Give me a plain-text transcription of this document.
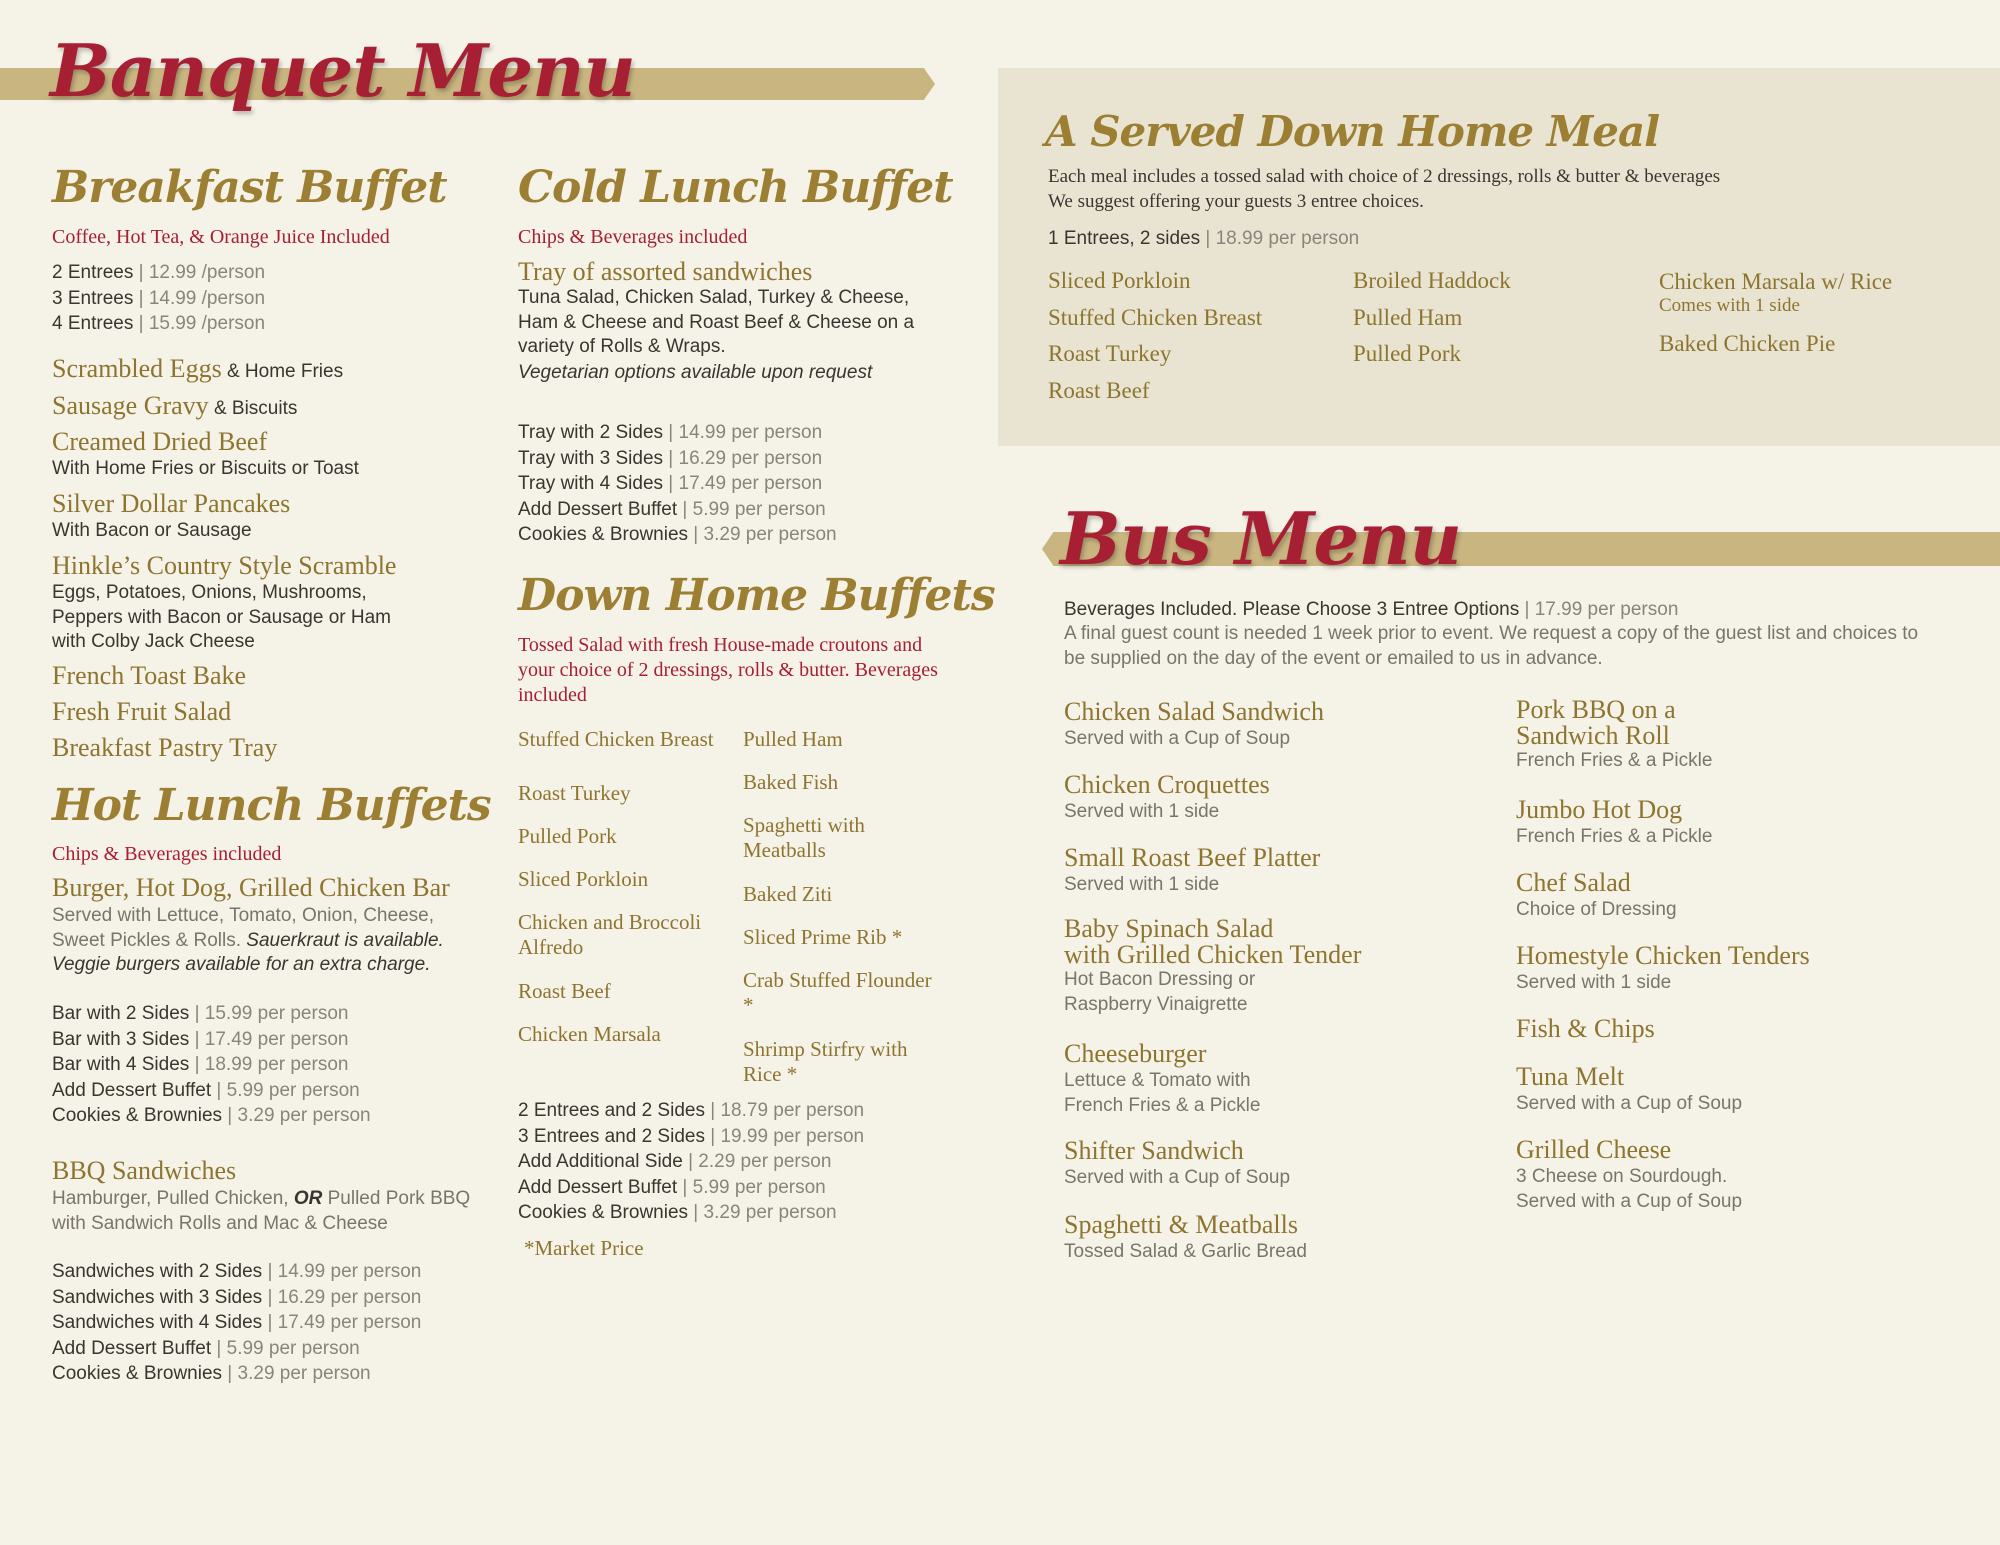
Banquet Menu
Breakfast Buffet
Coffee, Hot Tea, & Orange Juice Included
2 Entrees | 12.99 /person
3 Entrees | 14.99 /person
4 Entrees | 15.99 /person
Scrambled Eggs & Home Fries
Sausage Gravy & Biscuits
Creamed Dried Beef
With Home Fries or Biscuits or Toast
Silver Dollar Pancakes
With Bacon or Sausage
Hinkle’s Country Style Scramble
Eggs, Potatoes, Onions, Mushrooms, Peppers with Bacon or Sausage or Ham with Colby Jack Cheese
French Toast Bake
Fresh Fruit Salad
Breakfast Pastry Tray
Hot Lunch Buffets
Chips & Beverages included
Burger, Hot Dog, Grilled Chicken Bar
Served with Lettuce, Tomato, Onion, Cheese, Sweet Pickles & Rolls. Sauerkraut is available. Veggie burgers available for an extra charge.
Bar with 2 Sides | 15.99 per person
Bar with 3 Sides | 17.49 per person
Bar with 4 Sides | 18.99 per person
Add Dessert Buffet | 5.99 per person
Cookies & Brownies | 3.29 per person
BBQ Sandwiches
Hamburger, Pulled Chicken, OR Pulled Pork BBQ with Sandwich Rolls and Mac & Cheese
Sandwiches with 2 Sides | 14.99 per person
Sandwiches with 3 Sides | 16.29 per person
Sandwiches with 4 Sides | 17.49 per person
Add Dessert Buffet | 5.99 per person
Cookies & Brownies | 3.29 per person
Cold Lunch Buffet
Chips & Beverages included
Tray of assorted sandwiches
Tuna Salad, Chicken Salad, Turkey & Cheese, Ham & Cheese and Roast Beef & Cheese on a variety of Rolls & Wraps.
Vegetarian options available upon request
Tray with 2 Sides | 14.99 per person
Tray with 3 Sides | 16.29 per person
Tray with 4 Sides | 17.49 per person
Add Dessert Buffet | 5.99 per person
Cookies & Brownies | 3.29 per person
Down Home Buffets
Tossed Salad with fresh House-made croutons and your choice of 2 dressings, rolls & butter. Beverages included
Stuffed Chicken Breast
Roast Turkey
Pulled Pork
Sliced Porkloin
Chicken and Broccoli Alfredo
Roast Beef
Chicken Marsala
Pulled Ham
Baked Fish
Spaghetti with Meatballs
Baked Ziti
Sliced Prime Rib *
Crab Stuffed Flounder *
Shrimp Stirfry with Rice *
2 Entrees and 2 Sides | 18.79 per person
3 Entrees and 2 Sides | 19.99 per person
Add Additional Side | 2.29 per person
Add Dessert Buffet | 5.99 per person
Cookies & Brownies | 3.29 per person
*Market Price
A Served Down Home Meal
Each meal includes a tossed salad with choice of 2 dressings, rolls & butter & beverages
We suggest offering your guests 3 entree choices.
1 Entrees, 2 sides | 18.99 per person
Sliced Porkloin
Stuffed Chicken Breast
Roast Turkey
Roast Beef
Broiled Haddock
Pulled Ham
Pulled Pork
Chicken Marsala w/ Rice
Comes with 1 side
Baked Chicken Pie
Bus Menu
Beverages Included. Please Choose 3 Entree Options | 17.99 per person
A final guest count is needed 1 week prior to event. We request a copy of the guest list and choices to be supplied on the day of the event or emailed to us in advance.
Chicken Salad Sandwich
Served with a Cup of Soup
Chicken Croquettes
Served with 1 side
Small Roast Beef Platter
Served with 1 side
Baby Spinach Salad
with Grilled Chicken Tender
Hot Bacon Dressing or
Raspberry Vinaigrette
Cheeseburger
Lettuce & Tomato with
French Fries & a Pickle
Shifter Sandwich
Served with a Cup of Soup
Spaghetti & Meatballs
Tossed Salad & Garlic Bread
Pork BBQ on a
Sandwich Roll
French Fries & a Pickle
Jumbo Hot Dog
French Fries & a Pickle
Chef Salad
Choice of Dressing
Homestyle Chicken Tenders
Served with 1 side
Fish & Chips
Tuna Melt
Served with a Cup of Soup
Grilled Cheese
3 Cheese on Sourdough.
Served with a Cup of Soup
